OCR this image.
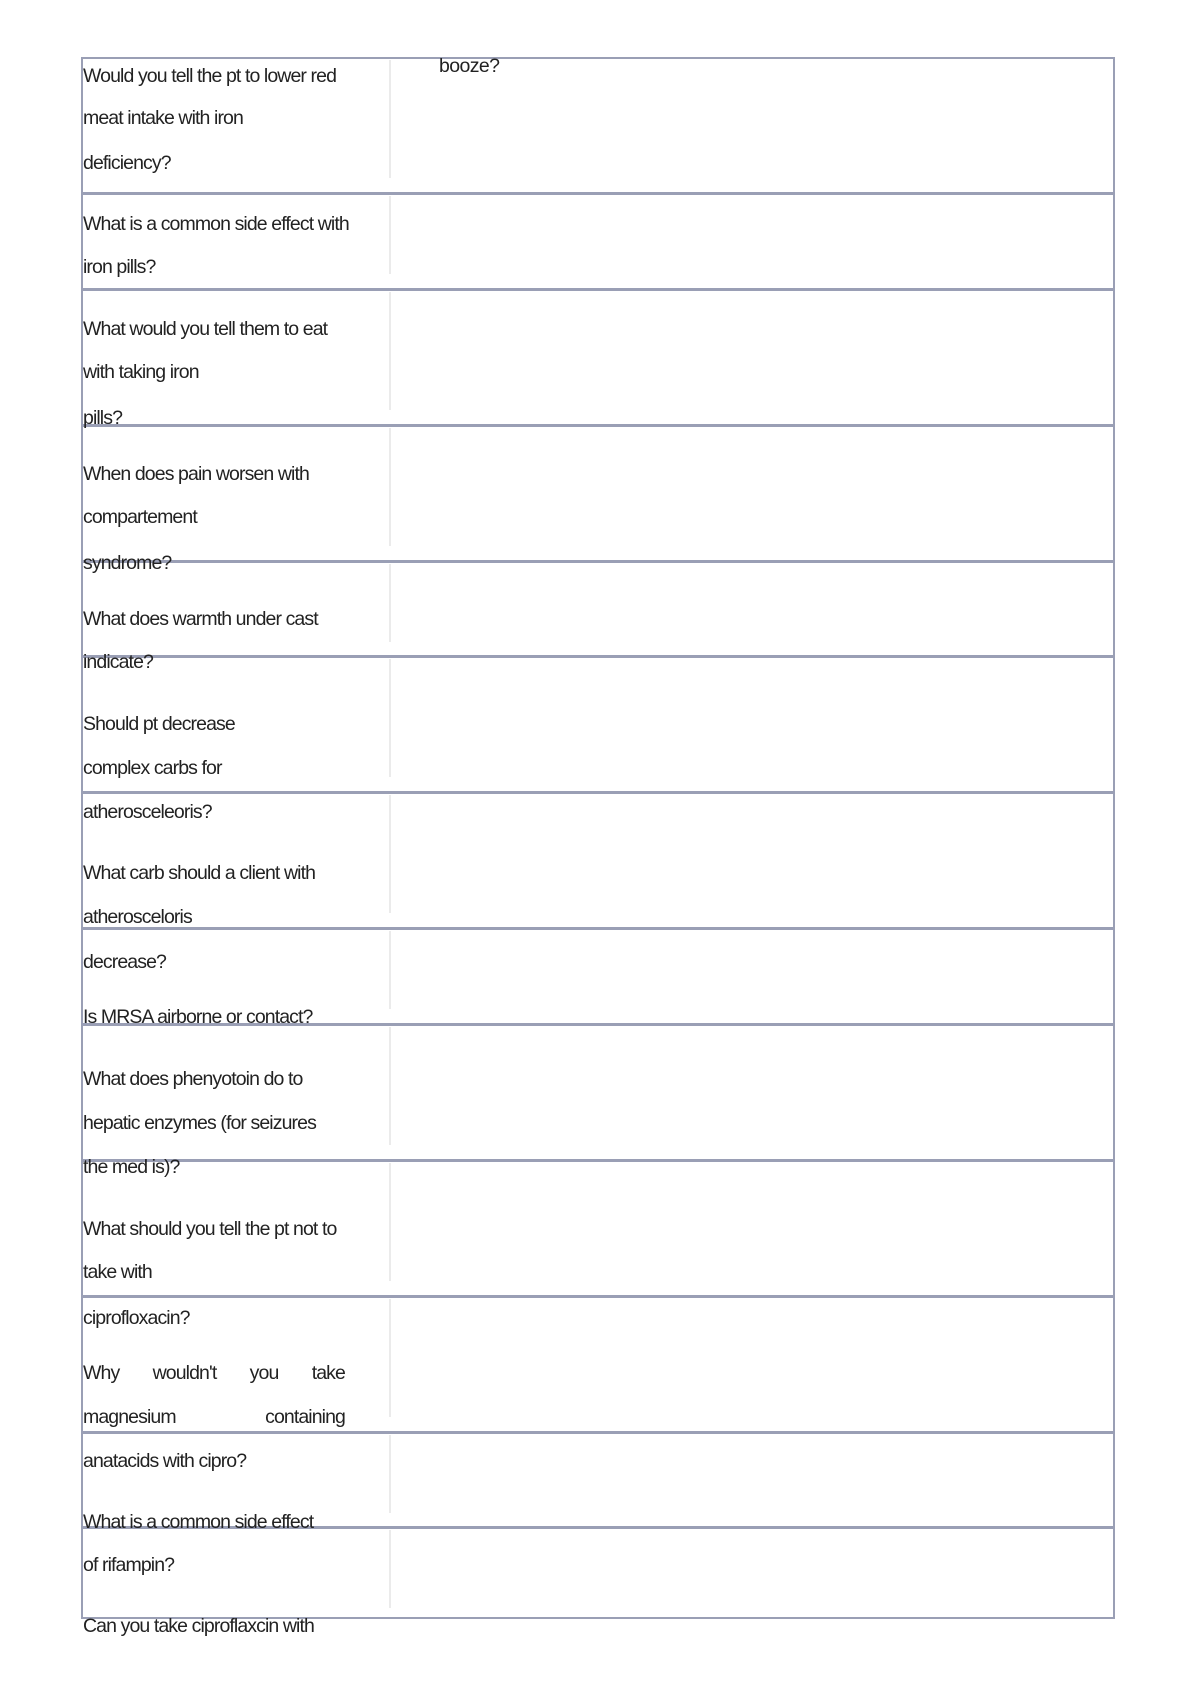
booze?
Would you tell the pt to lower red
meat intake with iron
deficiency?
What is a common side effect with
iron pills?
What would you tell them to eat
with taking iron
pills?
When does pain worsen with
compartement
syndrome?
What does warmth under cast
indicate?
Should pt decrease
complex carbs for
atherosceleoris?
What carb should a client with
atherosceloris
decrease?
Is MRSA airborne or contact?
What does phenyotoin do to
hepatic enzymes (for seizures
the med is)?
What should you tell the pt not to
take with
ciprofloxacin?
Why wouldn't you take
magnesium	containing
anatacids with cipro?
What is a common side effect
of rifampin?
Can you take ciproflaxcin with
